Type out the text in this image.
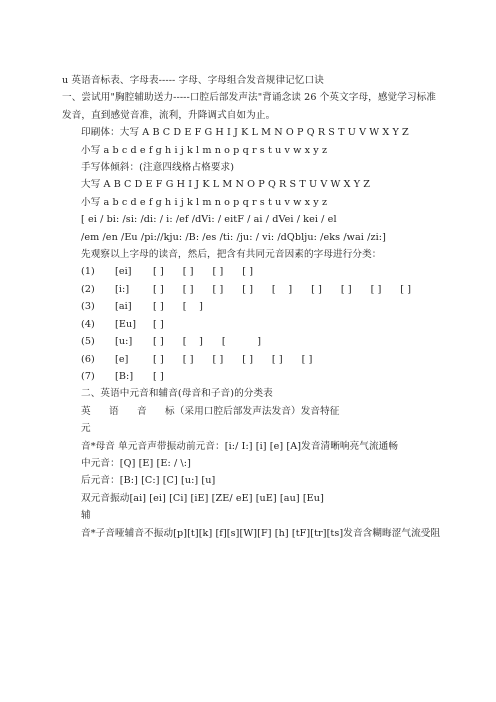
u 英语音标表、字母表----- 字母、字母组合发音规律记忆口诀
一、尝试用"胸腔辅助送力-----口腔后部发声法"背诵念读 26 个英文字母，感觉学习标准发音，直到感觉音准，流利，升降调式自如为止。
印刷体：大写 A B C D E F G H I J K L M N O P Q R S T U V W X Y Z
小写 a b c d e f g h i j k l m n o p q r s t u v w x y z
手写体倾斜：(注意四线格占格要求)
大写 A B C D E F G H I J K L M N O P Q R S T U V W X Y Z
小写 a b c d e f g h i j k l m n o p q r s t u v w x y z
[ ei / bi: /si: /di: / i: /ef /dVi: / eitF / ai / dVei / kei / el
/em /en /Eu /pi://kju: /B: /es /ti: /ju: / vi: /dQblju: /eks /wai /zi:]
先观察以上字母的读音，然后，把含有共同元音因素的字母进行分类：
(1) [ei] [ ]      [ ]      [ ]      [ ]
(2) [i:] [ ]      [ ]      [ ]      [ ]      [    ]      [ ]      [ ]      [ ]      [ ]
(3) [ai] [ ]      [    ]
(4) [Eu] [ ]
(5) [u:] [ ]      [    ]      [          ]
(6) [e]	[ ]      [ ]      [ ]      [ ]      [ ]      [ ]
(7) [B:] [ ]
二、英语中元音和辅音(母音和子音)的分类表
英 语 音 标（采用口腔后部发声法发音）发音特征
元
音*母音 单元音声带振动前元音：[i:/ I:] [i] [e] [A]发音清晰响亮气流通畅
中元音：[Q] [E] [E: / \:]
后元音：[B:] [C:] [C] [u:] [u]
双元音振动[ai] [ei] [Ci] [iE] [ZE/ eE] [uE] [au] [Eu]
辅
音*子音哑辅音不振动[p][t][k] [f][s][W][F] [h] [tF][tr][ts]发音含糊晦涩气流受阻
